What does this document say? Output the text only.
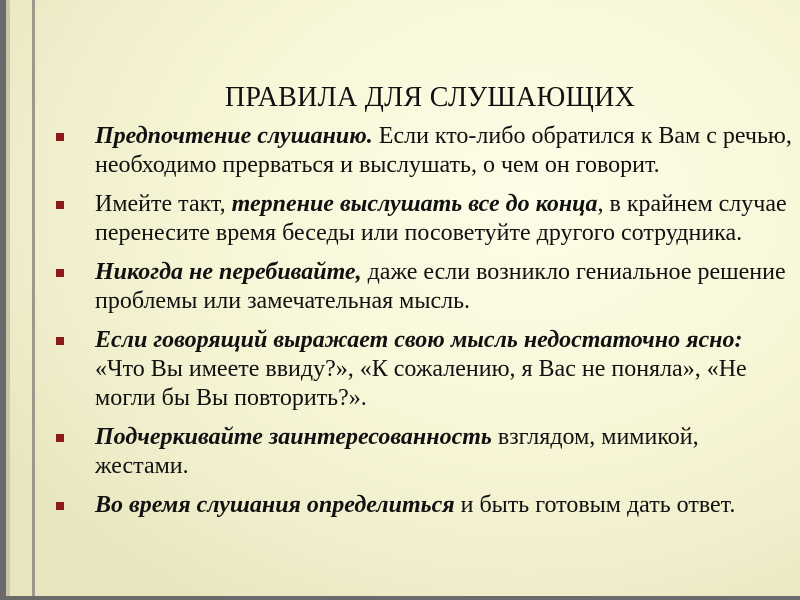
ПРАВИЛА ДЛЯ СЛУШАЮЩИХ
Предпочтение слушанию. Если кто-либо обратился к Вам с речью, необходимо прерваться и выслушать, о чем он говорит.
Имейте такт, терпение выслушать все до конца, в крайнем случае перенесите время беседы или посоветуйте другого сотрудника.
Никогда не перебивайте, даже если возникло гениальное решение проблемы или замечательная мысль.
Если говорящий выражает свою мысль недостаточно ясно: «Что Вы имеете ввиду?», «К сожалению, я Вас не поняла», «Не могли бы Вы повторить?».
Подчеркивайте заинтересованность взглядом, мимикой, жестами.
Во время слушания определиться и быть готовым дать ответ.
